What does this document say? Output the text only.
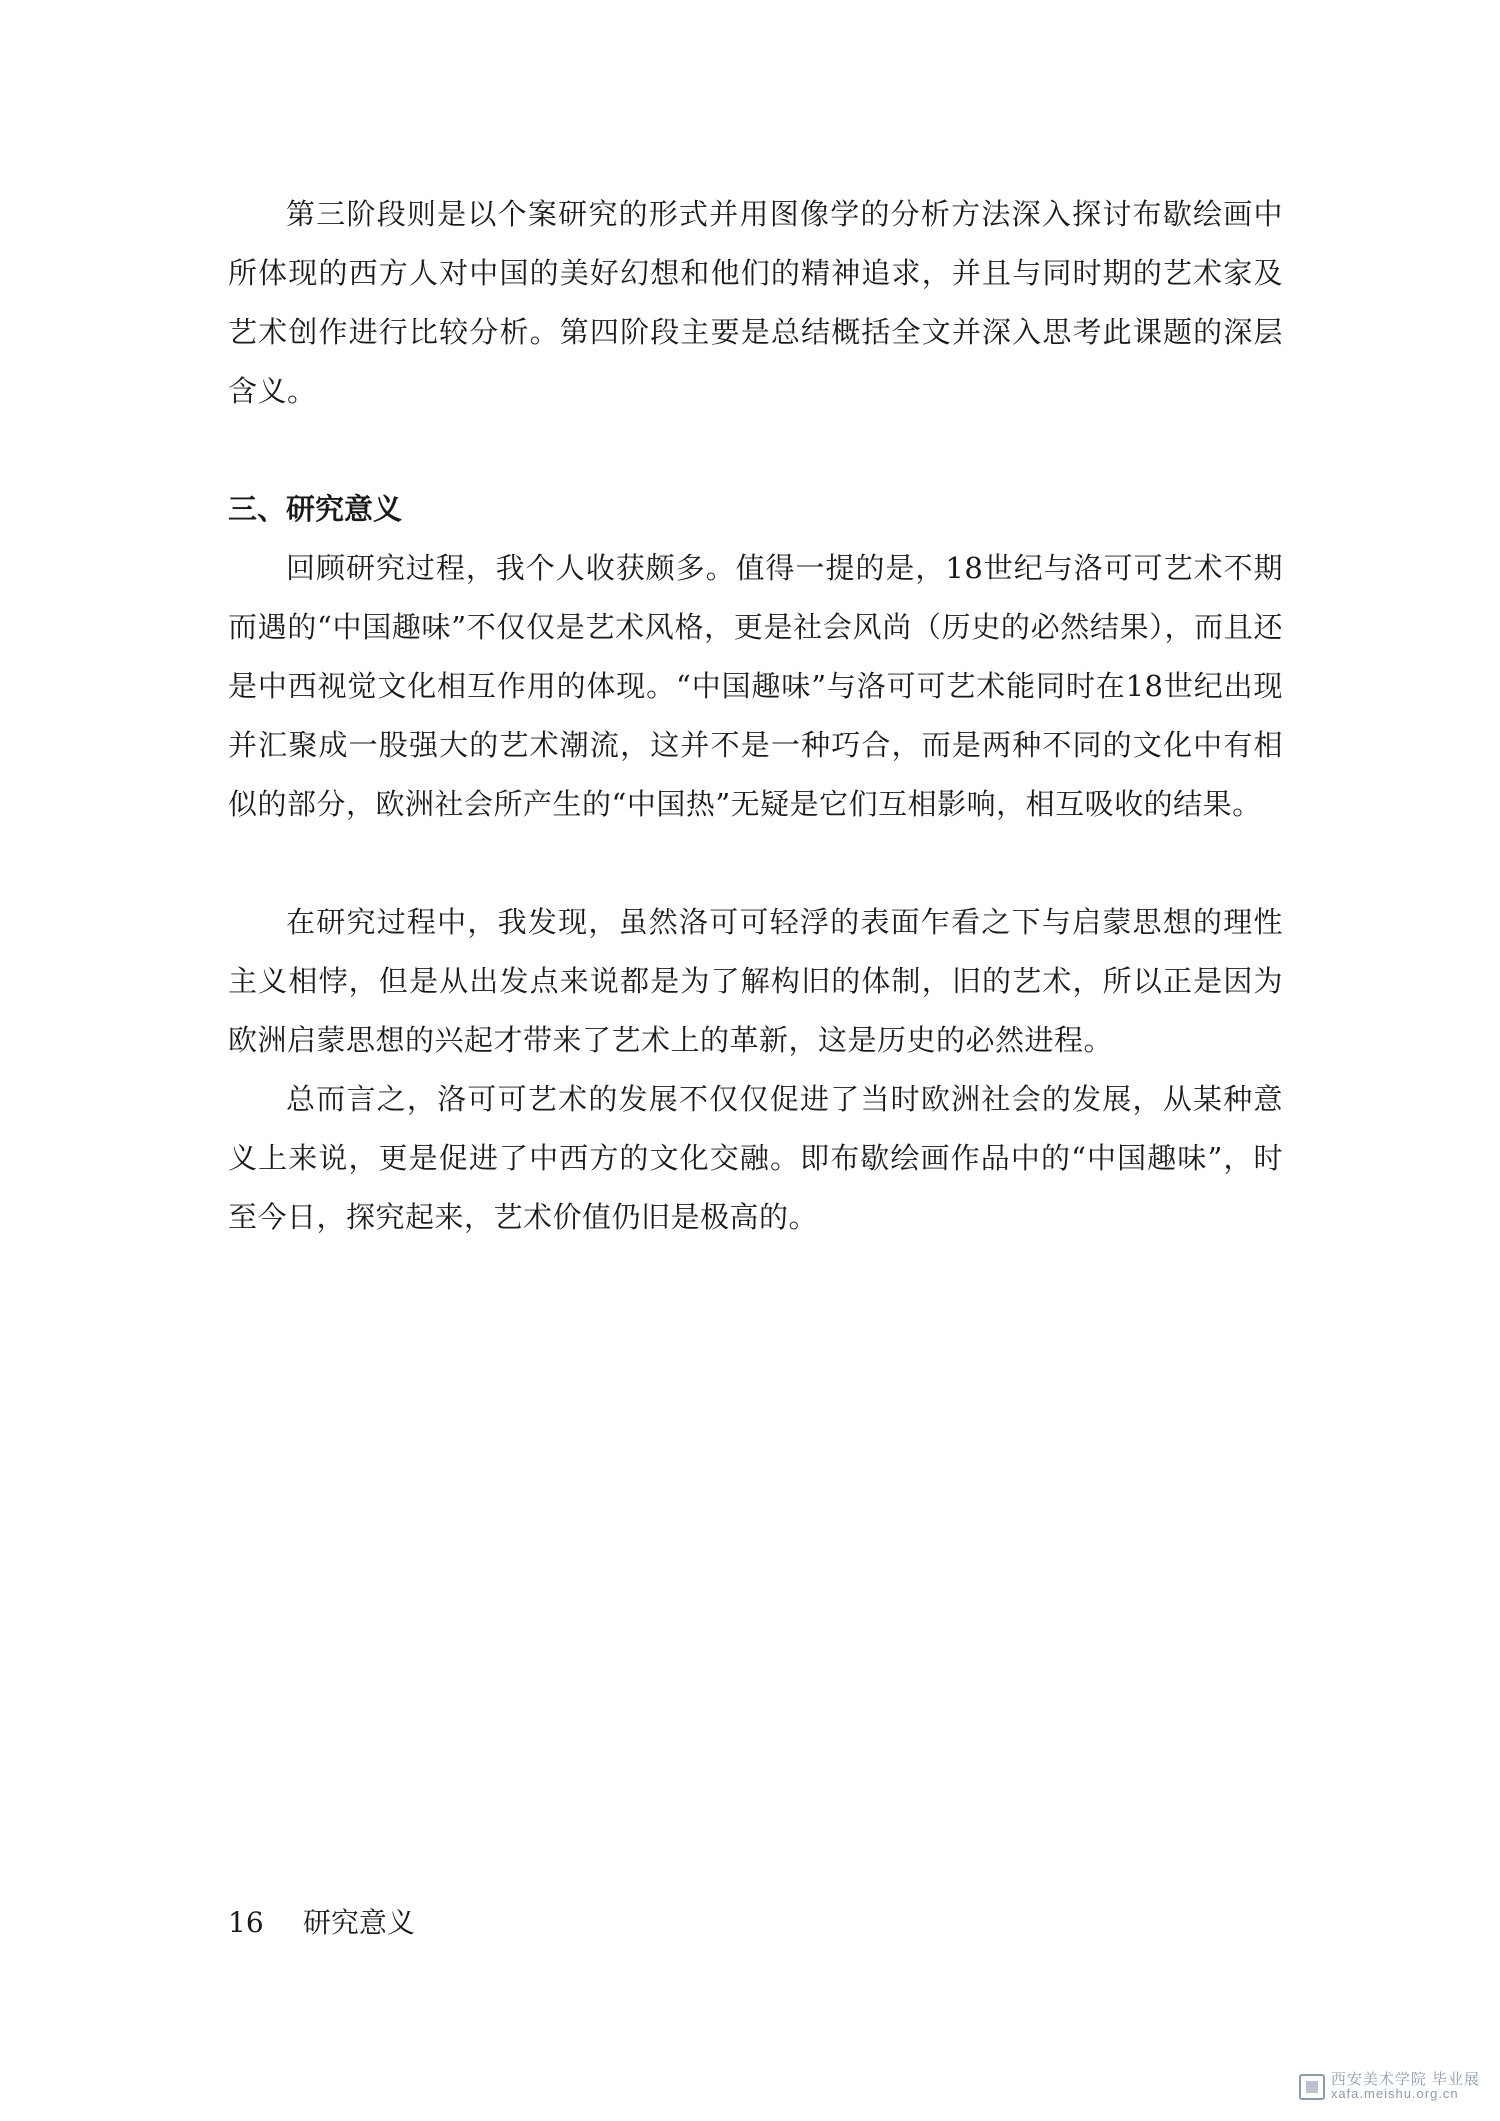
第三阶段则是以个案研究的形式并用图像学的分析方法深入探讨布歇绘画中所体现的西方人对中国的美好幻想和他们的精神追求，并且与同时期的艺术家及艺术创作进行比较分析。第四阶段主要是总结概括全文并深入思考此课题的深层含义。

三、研究意义

回顾研究过程，我个人收获颇多。值得一提的是，18世纪与洛可可艺术不期而遇的“中国趣味”不仅仅是艺术风格，更是社会风尚（历史的必然结果），而且还是中西视觉文化相互作用的体现。“中国趣味”与洛可可艺术能同时在18世纪出现并汇聚成一股强大的艺术潮流，这并不是一种巧合，而是两种不同的文化中有相似的部分，欧洲社会所产生的“中国热”无疑是它们互相影响，相互吸收的结果。

在研究过程中，我发现，虽然洛可可轻浮的表面乍看之下与启蒙思想的理性主义相悖，但是从出发点来说都是为了解构旧的体制，旧的艺术，所以正是因为欧洲启蒙思想的兴起才带来了艺术上的革新，这是历史的必然进程。

总而言之，洛可可艺术的发展不仅仅促进了当时欧洲社会的发展，从某种意义上来说，更是促进了中西方的文化交融。即布歇绘画作品中的“中国趣味”，时至今日，探究起来，艺术价值仍旧是极高的。

16 研究意义
西安美术学院 毕业展
xafa.meishu.org.cn
